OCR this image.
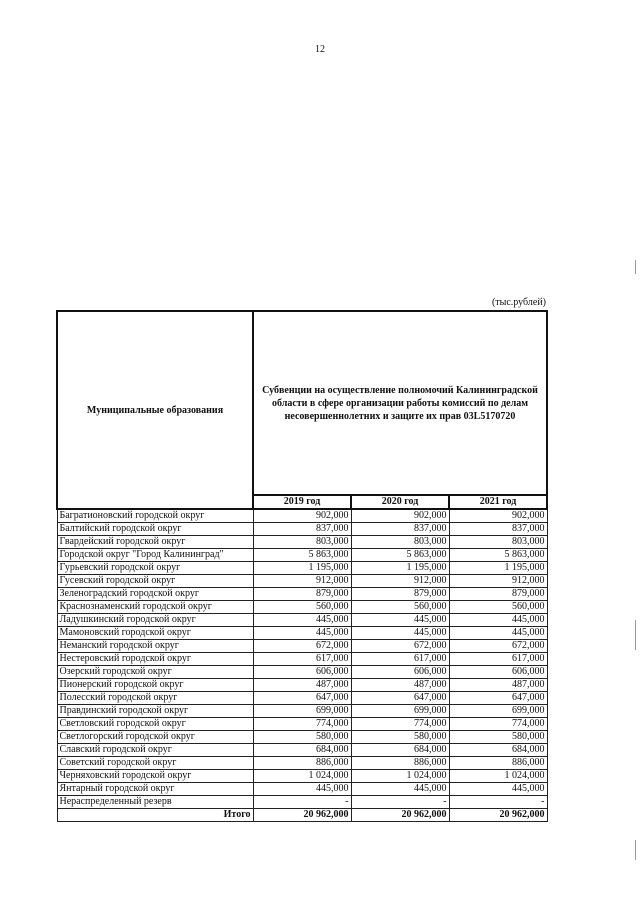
12
(тыс.рублей)
Муниципальные образования	Субвенции на осуществление полномочий Калининградской области в сфере организации работы комиссий по делам несовершеннолетних и защите их прав 03L5170720		
	2019 год	2020 год	2021 год
Багратионовский городской округ	902,000	902,000	902,000
Балтийский городской округ	837,000	837,000	837,000
Гвардейский городской округ	803,000	803,000	803,000
Городской округ "Город Калининград"	5 863,000	5 863,000	5 863,000
Гурьевский городской округ	1 195,000	1 195,000	1 195,000
Гусевский городской округ	912,000	912,000	912,000
Зеленоградский городской округ	879,000	879,000	879,000
Краснознаменский городской округ	560,000	560,000	560,000
Ладушкинский городской округ	445,000	445,000	445,000
Мамоновский городской округ	445,000	445,000	445,000
Неманский городской округ	672,000	672,000	672,000
Нестеровский городской округ	617,000	617,000	617,000
Озерский городской округ	606,000	606,000	606,000
Пионерский городской округ	487,000	487,000	487,000
Полесский городской округ	647,000	647,000	647,000
Правдинский городской округ	699,000	699,000	699,000
Светловский городской округ	774,000	774,000	774,000
Светлогорский городской округ	580,000	580,000	580,000
Славский городской округ	684,000	684,000	684,000
Советский городской округ	886,000	886,000	886,000
Черняховский городской округ	1 024,000	1 024,000	1 024,000
Янтарный городской округ	445,000	445,000	445,000
Нераспределенный резерв	-	-	-
Итого	20 962,000	20 962,000	20 962,000
